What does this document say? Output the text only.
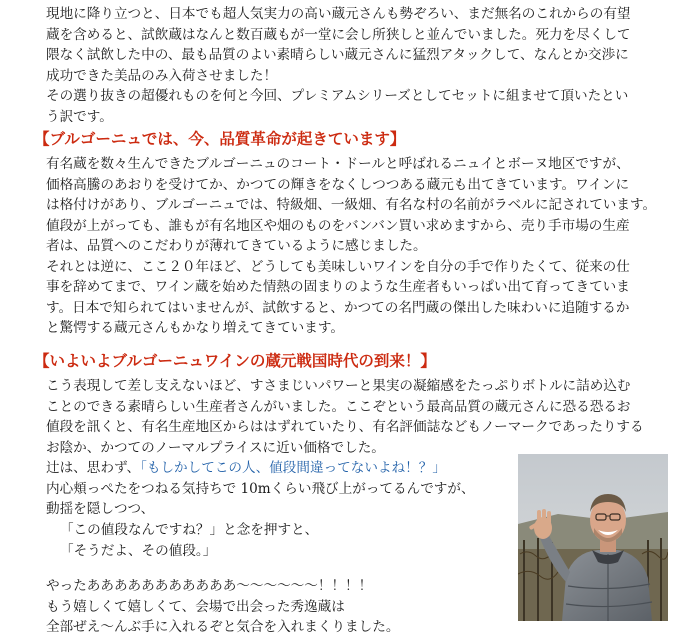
現地に降り立つと、日本でも超人気実力の高い蔵元さんも勢ぞろい、まだ無名のこれからの有望
蔵を含めると、試飲蔵はなんと数百蔵もが一堂に会し所狭しと並んでいました。死力を尽くして
隈なく試飲した中の、最も品質のよい素晴らしい蔵元さんに猛烈アタックして、なんとか交渉に
成功できた美品のみ入荷させました！
その選り抜きの超優れものを何と今回、プレミアムシリーズとしてセットに組ませて頂いたとい
う訳です。
【ブルゴーニュでは、今、品質革命が起きています】
有名蔵を数々生んできたブルゴーニュのコート・ドールと呼ばれるニュイとボーヌ地区ですが、
価格高騰のあおりを受けてか、かつての輝きをなくしつつある蔵元も出てきています。ワインに
は格付けがあり、ブルゴーニュでは、特級畑、一級畑、有名な村の名前がラベルに記されています。
値段が上がっても、誰もが有名地区や畑のものをバンバン買い求めますから、売り手市場の生産
者は、品質へのこだわりが薄れてきているように感じました。
それとは逆に、ここ２０年ほど、どうしても美味しいワインを自分の手で作りたくて、従来の仕
事を辞めてまで、ワイン蔵を始めた情熱の固まりのような生産者もいっぱい出て育ってきていま
す。日本で知られてはいませんが、試飲すると、かつての名門蔵の傑出した味わいに追随するか
と驚愕する蔵元さんもかなり増えてきています。
【いよいよブルゴーニュワインの蔵元戦国時代の到来！】
こう表現して差し支えないほど、すさまじいパワーと果実の凝縮感をたっぷりボトルに詰め込む
ことのできる素晴らしい生産者さんがいました。ここぞという最高品質の蔵元さんに恐る恐るお
値段を訊くと、有名生産地区からははずれていたり、有名評価誌などもノーマークであったりする
お陰か、かつてのノーマルプライスに近い価格でした。
辻は、思わず、「もしかしてこの人、値段間違ってないよね！？」
内心頬っぺたをつねる気持ちで 10mくらい飛び上がってるんですが、
動揺を隠しつつ、
「この値段なんですね？」と念を押すと、
「そうだよ、その値段。」
やったあああああああああああ～～～～～～！！！！
もう嬉しくて嬉しくて、会場で出会った秀逸蔵は
全部ぜえ～んぶ手に入れるぞと気合を入れまくりました。
